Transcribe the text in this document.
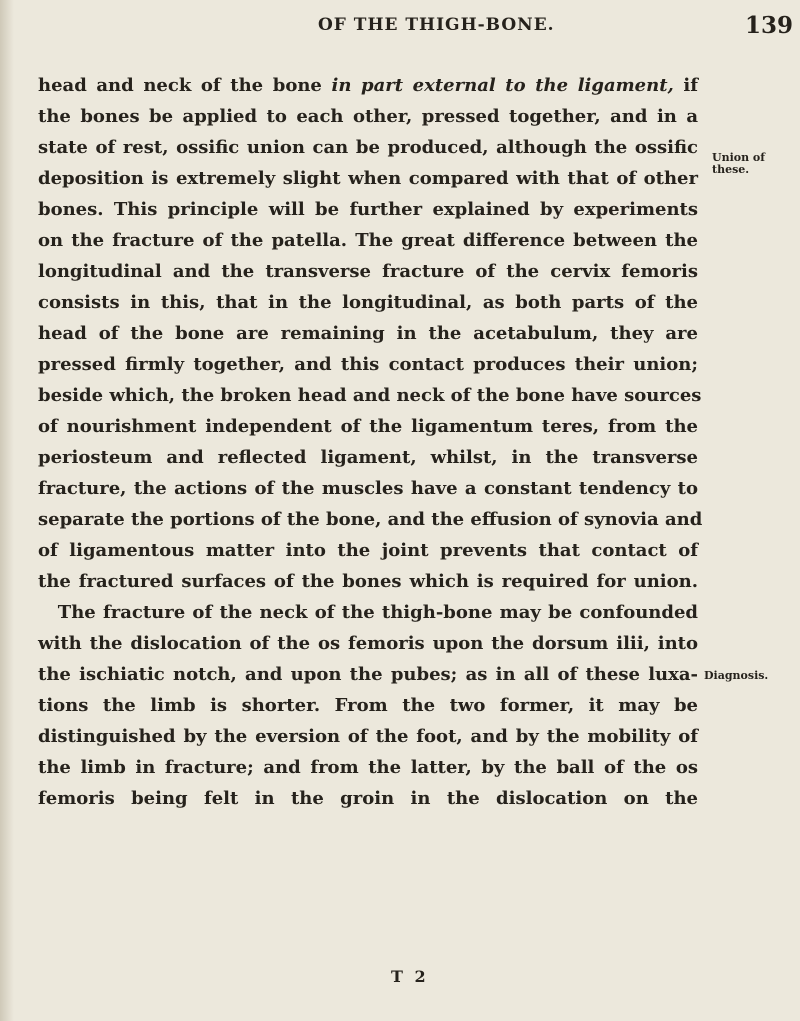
OF THE THIGH-BONE.	139
head and neck of the bone in part external to the ligament, if
the bones be applied to each other, pressed together, and in a
state of rest, ossific union can be produced, although the ossific
deposition is extremely slight when compared with that of other
bones. This principle will be further explained by experiments
on the fracture of the patella. The great difference between the
longitudinal and the transverse fracture of the cervix femoris
consists in this, that in the longitudinal, as both parts of the
head of the bone are remaining in the acetabulum, they are
pressed firmly together, and this contact produces their union;
beside which, the broken head and neck of the bone have sources
of nourishment independent of the ligamentum teres, from the
periosteum and reflected ligament, whilst, in the transverse
fracture, the actions of the muscles have a constant tendency to
separate the portions of the bone, and the effusion of synovia and
of ligamentous matter into the joint prevents that contact of
the fractured surfaces of the bones which is required for union.
The fracture of the neck of the thigh-bone may be confounded
with the dislocation of the os femoris upon the dorsum ilii, into
the ischiatic notch, and upon the pubes; as in all of these luxa-
tions the limb is shorter. From the two former, it may be
distinguished by the eversion of the foot, and by the mobility of
the limb in fracture; and from the latter, by the ball of the os
femoris being felt in the groin in the dislocation on the
Union of
these.
Diagnosis.
T 2
